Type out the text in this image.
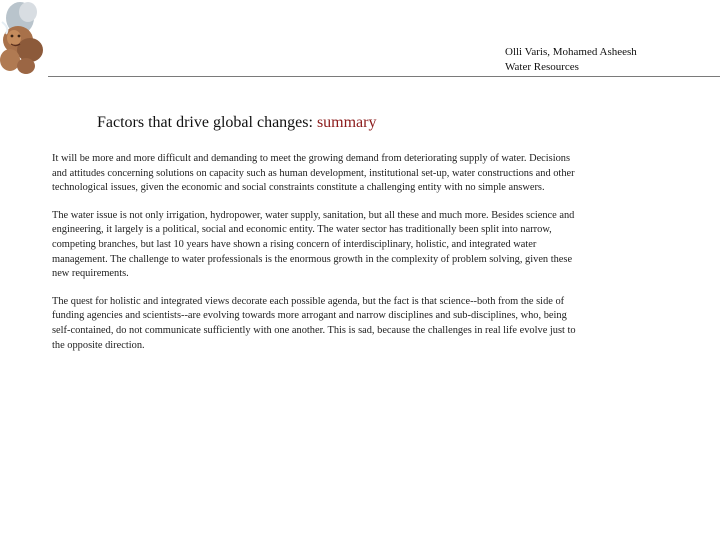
Olli Varis, Mohamed Asheesh
Water Resources
Factors that drive global changes: summary

It will be more and more difficult and demanding to meet the growing demand from deteriorating supply of water. Decisions and attitudes concerning solutions on capacity such as human development, institutional set-up, water constructions and other technological issues, given the economic and social constraints constitute a challenging entity with no simple answers.

The water issue is not only irrigation, hydropower, water supply, sanitation, but all these and much more. Besides science and engineering, it largely is a political, social and economic entity. The water sector has traditionally been split into narrow, competing branches, but last 10 years have shown a rising concern of interdisciplinary, holistic, and integrated water management. The challenge to water professionals is the enormous growth in the complexity of problem solving, given these new requirements.

The quest for holistic and integrated views decorate each possible agenda, but the fact is that science--both from the side of funding agencies and scientists--are evolving towards more arrogant and narrow disciplines and sub-disciplines, who, being self-contained, do not communicate sufficiently with one another. This is sad, because the challenges in real life evolve just to the opposite direction.
